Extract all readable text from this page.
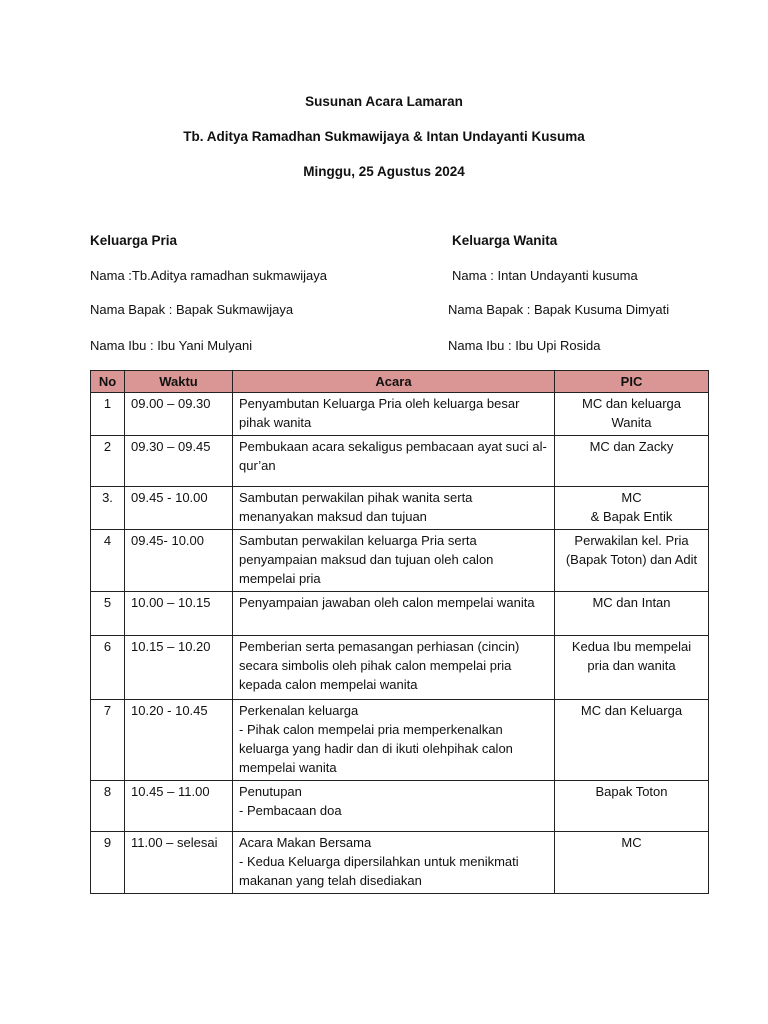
Susunan Acara Lamaran
Tb. Aditya Ramadhan Sukmawijaya & Intan Undayanti Kusuma
Minggu, 25 Agustus 2024
Keluarga Pria	Keluarga Wanita
Nama :Tb.Aditya ramadhan sukmawijaya	Nama : Intan Undayanti kusuma
Nama Bapak : Bapak Sukmawijaya	Nama Bapak : Bapak Kusuma Dimyati
Nama Ibu : Ibu Yani Mulyani	Nama Ibu : Ibu Upi Rosida
No	Waktu	Acara	PIC
1	09.00 – 09.30	Penyambutan Keluarga Pria oleh keluarga besar pihak wanita	MC dan keluarga Wanita
2	09.30 – 09.45	Pembukaan acara sekaligus pembacaan ayat suci al-qur’an	MC dan Zacky
3.	09.45 - 10.00	Sambutan perwakilan pihak wanita serta menanyakan maksud dan tujuan	MC
& Bapak Entik
4	09.45- 10.00	Sambutan perwakilan keluarga Pria serta penyampaian maksud dan tujuan oleh calon mempelai pria	Perwakilan kel. Pria (Bapak Toton) dan Adit
5	10.00 – 10.15	Penyampaian jawaban oleh calon mempelai wanita	MC dan Intan
6	10.15 – 10.20	Pemberian serta pemasangan perhiasan (cincin) secara simbolis oleh pihak calon mempelai pria kepada calon mempelai wanita	Kedua Ibu mempelai pria dan wanita
7	10.20 - 10.45	Perkenalan keluarga
- Pihak calon mempelai pria memperkenalkan keluarga yang hadir dan di ikuti olehpihak calon mempelai wanita	MC dan Keluarga
8	10.45 – 11.00	Penutupan
- Pembacaan doa	Bapak Toton
9	11.00 – selesai	Acara Makan Bersama
- Kedua Keluarga dipersilahkan untuk menikmati makanan yang telah disediakan	MC
